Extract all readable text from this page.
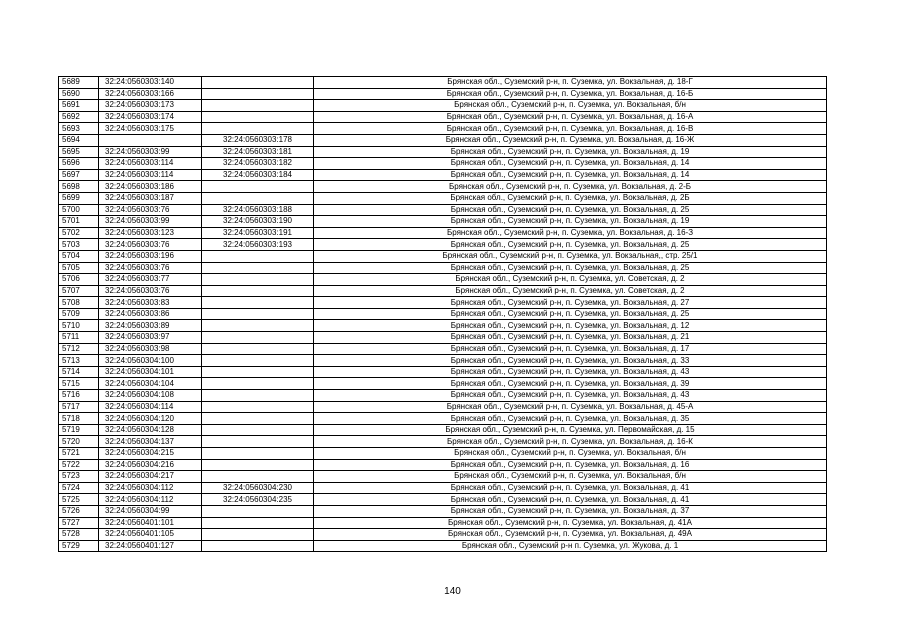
5689	32:24:0560303:140		Брянская обл., Суземский р-н, п. Суземка, ул. Вокзальная, д. 18-Г
5690	32:24:0560303:166		Брянская обл., Суземский р-н, п. Суземка, ул. Вокзальная, д. 16-Б
5691	32:24:0560303:173		Брянская обл., Суземский р-н, п. Суземка, ул. Вокзальная, б/н
5692	32:24:0560303:174		Брянская обл., Суземский р-н, п. Суземка, ул. Вокзальная, д. 16-А
5693	32:24:0560303:175		Брянская обл., Суземский р-н, п. Суземка, ул. Вокзальная, д. 16-В
5694		32:24:0560303:178	Брянская обл., Суземский р-н, п. Суземка, ул. Вокзальная, д. 16-Ж
5695	32:24:0560303:99	32:24:0560303:181	Брянская обл., Суземский р-н, п. Суземка, ул. Вокзальная, д. 19
5696	32:24:0560303:114	32:24:0560303:182	Брянская обл., Суземский р-н, п. Суземка, ул. Вокзальная, д. 14
5697	32:24:0560303:114	32:24:0560303:184	Брянская обл., Суземский р-н, п. Суземка, ул. Вокзальная, д. 14
5698	32:24:0560303:186		Брянская обл., Суземский р-н, п. Суземка, ул. Вокзальная, д. 2-Б
5699	32:24:0560303:187		Брянская обл., Суземский р-н, п. Суземка, ул. Вокзальная, д. 2Б
5700	32:24:0560303:76	32:24:0560303:188	Брянская обл., Суземский р-н, п. Суземка, ул. Вокзальная, д. 25
5701	32:24:0560303:99	32:24:0560303:190	Брянская обл., Суземский р-н, п. Суземка, ул. Вокзальная, д. 19
5702	32:24:0560303:123	32:24:0560303:191	Брянская обл., Суземский р-н, п. Суземка, ул. Вокзальная, д. 16-З
5703	32:24:0560303:76	32:24:0560303:193	Брянская обл., Суземский р-н, п. Суземка, ул. Вокзальная, д. 25
5704	32:24:0560303:196		Брянская обл., Суземский р-н, п. Суземка, ул. Вокзальная,, стр. 25/1
5705	32:24:0560303:76		Брянская обл., Суземский р-н, п. Суземка, ул. Вокзальная, д. 25
5706	32:24:0560303:77		Брянская обл., Суземский р-н, п. Суземка, ул. Советская, д. 2
5707	32:24:0560303:76		Брянская обл., Суземский р-н, п. Суземка, ул. Советская, д. 2
5708	32:24:0560303:83		Брянская обл., Суземский р-н, п. Суземка, ул. Вокзальная, д. 27
5709	32:24:0560303:86		Брянская обл., Суземский р-н, п. Суземка, ул. Вокзальная, д. 25
5710	32:24:0560303:89		Брянская обл., Суземский р-н, п. Суземка, ул. Вокзальная, д. 12
5711	32:24:0560303:97		Брянская обл., Суземский р-н, п. Суземка, ул. Вокзальная, д. 21
5712	32:24:0560303:98		Брянская обл., Суземский р-н, п. Суземка, ул. Вокзальная, д. 17
5713	32:24:0560304:100		Брянская обл., Суземский р-н, п. Суземка, ул. Вокзальная, д. 33
5714	32:24:0560304:101		Брянская обл., Суземский р-н, п. Суземка, ул. Вокзальная, д. 43
5715	32:24:0560304:104		Брянская обл., Суземский р-н, п. Суземка, ул. Вокзальная, д. 39
5716	32:24:0560304:108		Брянская обл., Суземский р-н, п. Суземка, ул. Вокзальная, д. 43
5717	32:24:0560304:114		Брянская обл., Суземский р-н, п. Суземка, ул. Вокзальная, д. 45-А
5718	32:24:0560304:120		Брянская обл., Суземский р-н, п. Суземка, ул. Вокзальная, д. 35
5719	32:24:0560304:128		Брянская обл., Суземский р-н, п. Суземка, ул. Первомайская, д. 15
5720	32:24:0560304:137		Брянская обл., Суземский р-н, п. Суземка, ул. Вокзальная, д. 16-К
5721	32:24:0560304:215		Брянская обл., Суземский р-н, п. Суземка, ул. Вокзальная, б/н
5722	32:24:0560304:216		Брянская обл., Суземский р-н, п. Суземка, ул. Вокзальная, д. 16
5723	32:24:0560304:217		Брянская обл., Суземский р-н, п. Суземка, ул. Вокзальная, б/н
5724	32:24:0560304:112	32:24:0560304:230	Брянская обл., Суземский р-н, п. Суземка, ул. Вокзальная, д. 41
5725	32:24:0560304:112	32:24:0560304:235	Брянская обл., Суземский р-н, п. Суземка, ул. Вокзальная, д. 41
5726	32:24:0560304:99		Брянская обл., Суземский р-н, п. Суземка, ул. Вокзальная, д. 37
5727	32:24:0560401:101		Брянская обл., Суземский р-н, п. Суземка, ул. Вокзальная, д. 41А
5728	32:24:0560401:105		Брянская обл., Суземский р-н, п. Суземка, ул. Вокзальная, д. 49А
5729	32:24:0560401:127		Брянская обл., Суземский р-н п. Суземка, ул. Жукова, д. 1
140
